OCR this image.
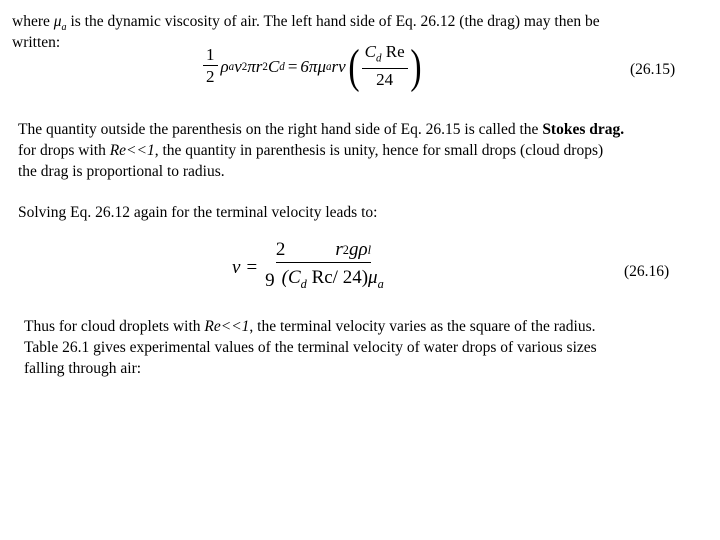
where $\mu_a$ is the dynamic viscosity of air. The left hand side of Eq. 26.12 (the drag) may then be
written:
$\frac{1}{2}$ ρ a v 2 πr 2 C d = 6πμ a rv ( $\frac{C_d Re}{24}$ )	(26.15)
The quantity outside the parenthesis on the right hand side of Eq. 26.15 is called the Stokes drag.
for drops with Re<<1, the quantity in parenthesis is unity, hence for small drops (cloud drops)
the drag is proportional to radius.
Solving Eq. 26.12 again for the terminal velocity leads to:
v =
2	r 2 gρ l
9 ($C_d$ Rc/ $24)\mu_a$
(26.16)
Thus for cloud droplets with Re<<1, the terminal velocity varies as the square of the radius.
Table 26.1 gives experimental values of the terminal velocity of water drops of various sizes
falling through air:
